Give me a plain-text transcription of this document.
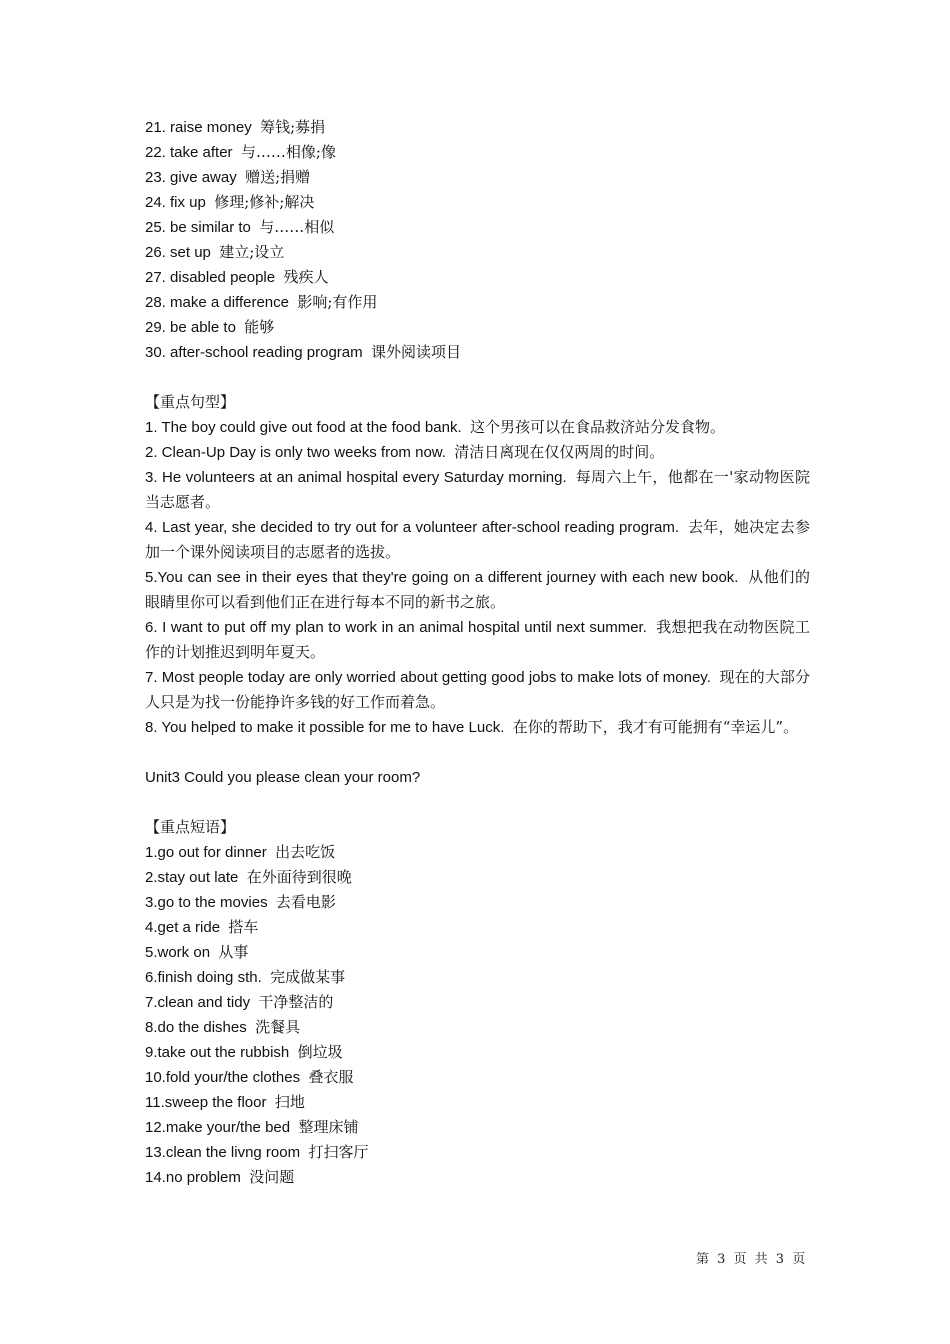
21. raise money 筹钱;募捐
22. take after 与……相像;像
23. give away 赠送;捐赠
24. fix up 修理;修补;解决
25. be similar to 与……相似
26. set up 建立;设立
27. disabled people 残疾人
28. make a difference 影响;有作用
29. be able to 能够
30. after-school reading program 课外阅读项目
【重点句型】
1. The boy could give out food at the food bank. 这个男孩可以在食品救济站分发食物。
2. Clean-Up Day is only two weeks from now. 清洁日离现在仅仅两周的时间。
3. He volunteers at an animal hospital every Saturday morning. 每周六上午，他都在一'家动物医院当志愿者。
4. Last year, she decided to try out for a volunteer after-school reading program. 去年，她决定去参加一个课外阅读项目的志愿者的选拔。
5.You can see in their eyes that they're going on a different journey with each new book. 从他们的眼睛里你可以看到他们正在进行每本不同的新书之旅。
6. I want to put off my plan to work in an animal hospital until next summer. 我想把我在动物医院工作的计划推迟到明年夏天。
7. Most people today are only worried about getting good jobs to make lots of money. 现在的大部分人只是为找一份能挣许多钱的好工作而着急。
8. You helped to make it possible for me to have Luck. 在你的帮助下，我才有可能拥有“幸运儿”。
Unit3 Could you please clean your room?
【重点短语】
1.go out for dinner 出去吃饭
2.stay out late 在外面待到很晚
3.go to the movies 去看电影
4.get a ride 搭车
5.work on 从事
6.finish doing sth. 完成做某事
7.clean and tidy 干净整洁的
8.do the dishes 洗餐具
9.take out the rubbish 倒垃圾
10.fold your/the clothes 叠衣服
11.sweep the floor 扫地
12.make your/the bed 整理床铺
13.clean the livng room 打扫客厅
14.no problem 没问题
第 3 页 共 3 页
